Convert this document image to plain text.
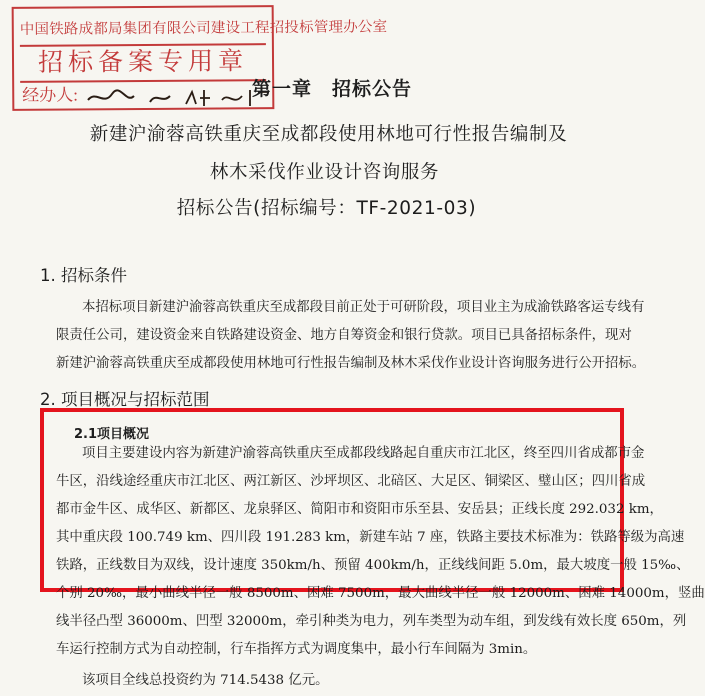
中国铁路成都局集团有限公司建设工程招投标管理办公室
招标备案专用章
经办人:	第一章　招标公告
新建沪渝蓉高铁重庆至成都段使用林地可行性报告编制及
林木采伐作业设计咨询服务
招标公告(招标编号：TF-2021-03)
1. 招标条件
本招标项目新建沪渝蓉高铁重庆至成都段目前正处于可研阶段，项目业主为成渝铁路客运专线有
限责任公司，建设资金来自铁路建设资金、地方自筹资金和银行贷款。项目已具备招标条件，现对
新建沪渝蓉高铁重庆至成都段使用林地可行性报告编制及林木采伐作业设计咨询服务进行公开招标。
2. 项目概况与招标范围
2.1项目概况
项目主要建设内容为新建沪渝蓉高铁重庆至成都段线路起自重庆市江北区，终至四川省成都市金
牛区，沿线途经重庆市江北区、两江新区、沙坪坝区、北碚区、大足区、铜梁区、璧山区；四川省成
都市金牛区、成华区、新都区、龙泉驿区、简阳市和资阳市乐至县、安岳县；正线长度 292.032 km，
其中重庆段 100.749 km、四川段 191.283 km，新建车站 7 座，铁路主要技术标准为：铁路等级为高速
铁路，正线数目为双线，设计速度 350km/h、预留 400km/h，正线线间距 5.0m，最大坡度一般 15‰、
个别 20‰，最小曲线半径一般 8500m、困难 7500m，最大曲线半径一般 12000m、困难 14000m，竖曲
线半径凸型 36000m、凹型 32000m，牵引种类为电力，列车类型为动车组，到发线有效长度 650m，列
车运行控制方式为自动控制，行车指挥方式为调度集中，最小行车间隔为 3min。
该项目全线总投资约为 714.5438 亿元。
